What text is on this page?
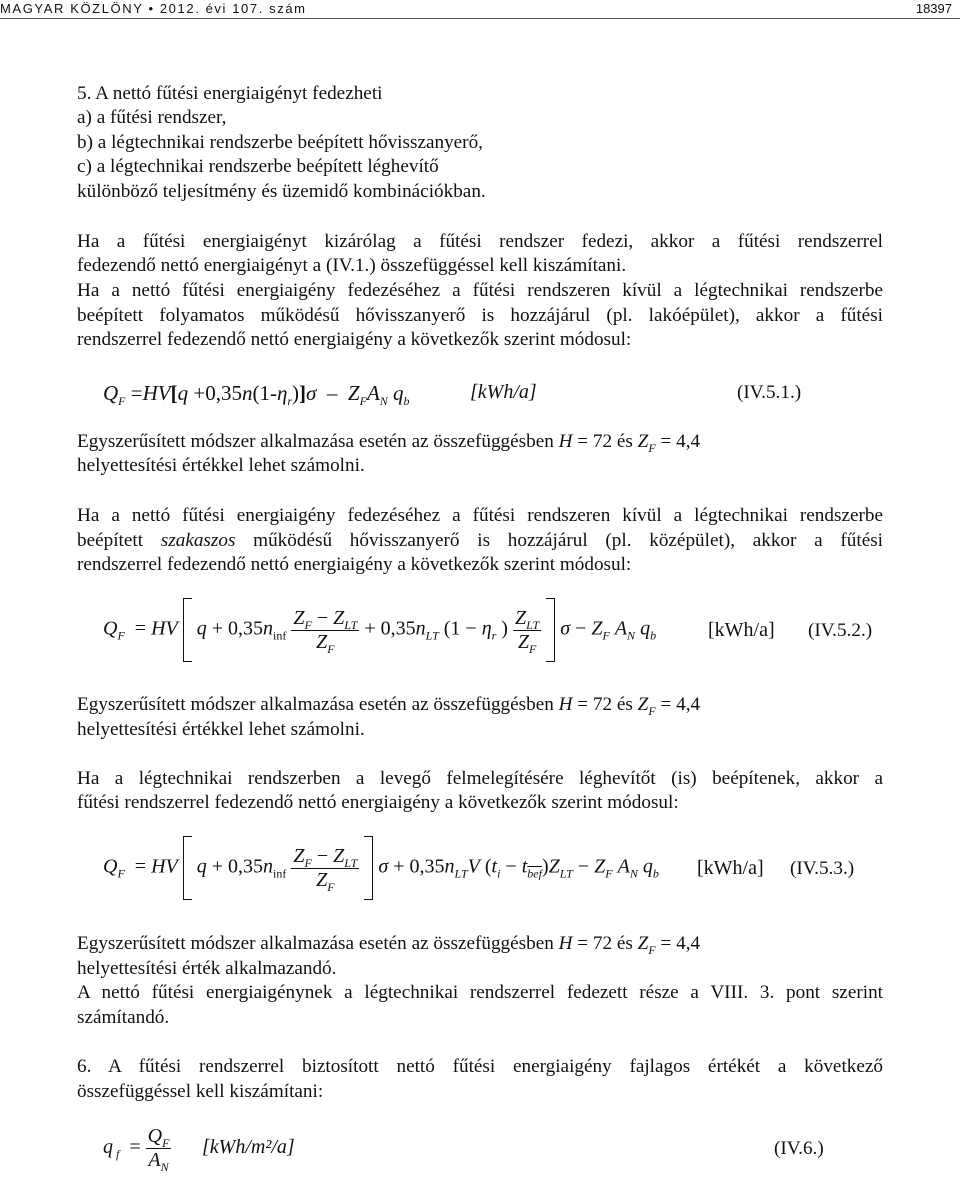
MAGYAR KÖZLÖNY • 2012. évi 107. szám	18397
5. A nettó fűtési energiaigényt fedezheti
a) a fűtési rendszer,
b) a légtechnikai rendszerbe beépített hővisszanyerő,
c) a légtechnikai rendszerbe beépített léghevítő
különböző teljesítmény és üzemidő kombinációkban.
Ha a fűtési energiaigényt kizárólag a fűtési rendszer fedezi, akkor a fűtési rendszerrel
fedezendő nettó energiaigényt a (IV.1.) összefüggéssel kell kiszámítani.
Ha a nettó fűtési energiaigény fedezéséhez a fűtési rendszeren kívül a légtechnikai rendszerbe
beépített folyamatos működésű hővisszanyerő is hozzájárul (pl. lakóépület), akkor a fűtési
rendszerrel fedezendő nettó energiaigény a következők szerint módosul:
$Q_F =HV[q +0,35n(1-\eta_r)]\sigma - Z_FA_N$ $q_b$	[kWh/a]	(IV.5.1.)
Egyszerűsített módszer alkalmazása esetén az összefüggésben H = 72 és $Z_F = 4,4$
helyettesítési értékkel lehet számolni.
Ha a nettó fűtési energiaigény fedezéséhez a fűtési rendszeren kívül a légtechnikai rendszerbe
beépített szakaszos működésű hővisszanyerő is hozzájárul (pl. középület), akkor a fűtési
rendszerrel fedezendő nettó energiaigény a következők szerint módosul:
$Q_F$  = HV $q + 0,35n_{inf} \frac{Z_F - Z_{LT}}{Z_F} + 0,35n_{LT}$ ($1 - \eta_r$ ) $\frac{Z_{LT}}{Z_F}$ $\sigma - Z_F$ $A_N$ $q_b$	[kWh/a] (IV.5.2.)
Egyszerűsített módszer alkalmazása esetén az összefüggésben H = 72 és $Z_F = 4,4$
helyettesítési értékkel lehet számolni.
Ha a légtechnikai rendszerben a levegő felmelegítésére léghevítőt (is) beépítenek, akkor a
fűtési rendszerrel fedezendő nettó energiaigény a következők szerint módosul:
$Q_F$  = HV $q + 0,35n_{inf} \frac{Z_F - Z_{LT}}{Z_F}$ $\sigma + 0,35n_{LT}V$ $(t_i - t_{\overline{bef}})Z_{LT} - Z_F$ $A_N$ $q_b$ [kWh/a] (IV.5.3.)
Egyszerűsített módszer alkalmazása esetén az összefüggésben H = 72 és $Z_F = 4,4$
helyettesítési érték alkalmazandó.
A nettó fűtési energiaigénynek a légtechnikai rendszerrel fedezett része a VIII. 3. pont szerint
számítandó.
6. A fűtési rendszerrel biztosított nettó fűtési energiaigény fajlagos értékét a következő
összefüggéssel kell kiszámítani:
q $_f = \frac{Q_F}{A_N} [kWh/m^2/a]$	(IV.6.)
